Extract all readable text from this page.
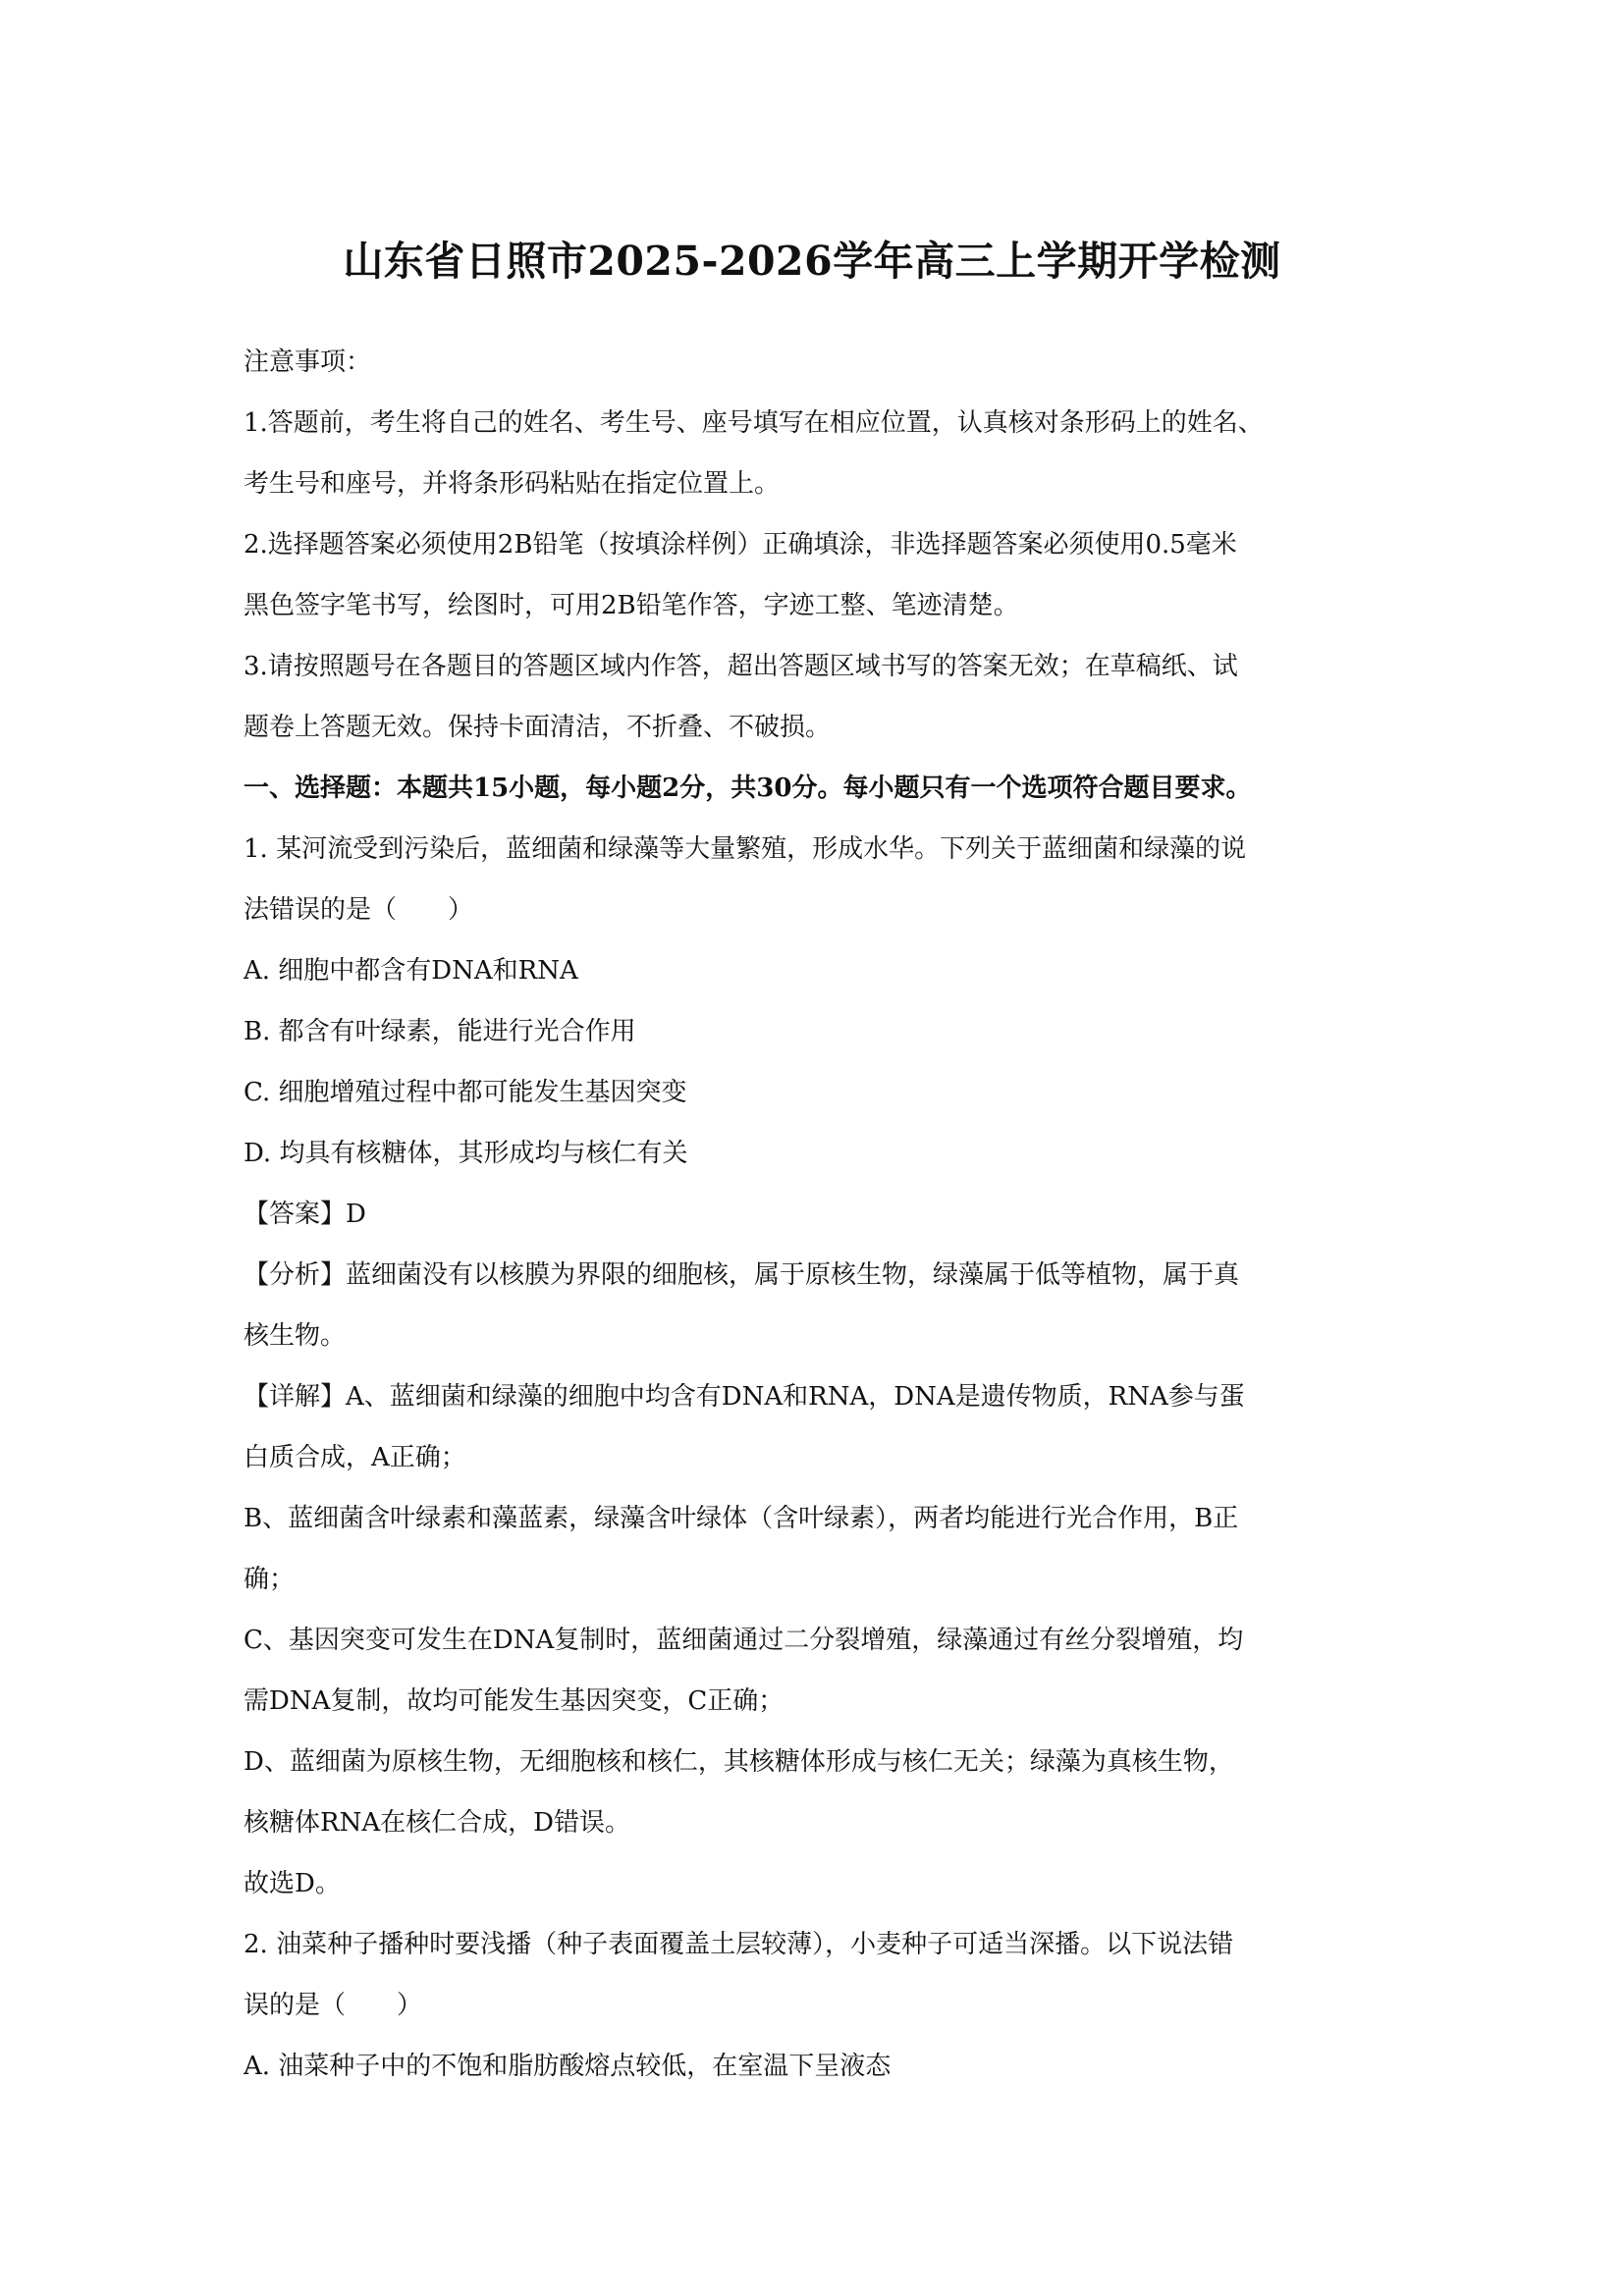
山东省日照市2025-2026学年高三上学期开学检测
注意事项：
1.答题前，考生将自己的姓名、考生号、座号填写在相应位置，认真核对条形码上的姓名、
考生号和座号，并将条形码粘贴在指定位置上。
2.选择题答案必须使用2B铅笔（按填涂样例）正确填涂，非选择题答案必须使用0.5毫米
黑色签字笔书写，绘图时，可用2B铅笔作答，字迹工整、笔迹清楚。
3.请按照题号在各题目的答题区域内作答，超出答题区域书写的答案无效；在草稿纸、试
题卷上答题无效。保持卡面清洁，不折叠、不破损。
一、选择题：本题共15小题，每小题2分，共30分。每小题只有一个选项符合题目要求。
1. 某河流受到污染后，蓝细菌和绿藻等大量繁殖，形成水华。下列关于蓝细菌和绿藻的说
法错误的是（　　）
A. 细胞中都含有DNA和RNA
B. 都含有叶绿素，能进行光合作用
C. 细胞增殖过程中都可能发生基因突变
D. 均具有核糖体，其形成均与核仁有关
【答案】D
【分析】蓝细菌没有以核膜为界限的细胞核，属于原核生物，绿藻属于低等植物，属于真
核生物。
【详解】A、蓝细菌和绿藻的细胞中均含有DNA和RNA，DNA是遗传物质，RNA参与蛋
白质合成，A正确；
B、蓝细菌含叶绿素和藻蓝素，绿藻含叶绿体（含叶绿素），两者均能进行光合作用，B正
确；
C、基因突变可发生在DNA复制时，蓝细菌通过二分裂增殖，绿藻通过有丝分裂增殖，均
需DNA复制，故均可能发生基因突变，C正确；
D、蓝细菌为原核生物，无细胞核和核仁，其核糖体形成与核仁无关；绿藻为真核生物，
核糖体RNA在核仁合成，D错误。
故选D。
2. 油菜种子播种时要浅播（种子表面覆盖土层较薄），小麦种子可适当深播。以下说法错
误的是（　　）
A. 油菜种子中的不饱和脂肪酸熔点较低，在室温下呈液态
